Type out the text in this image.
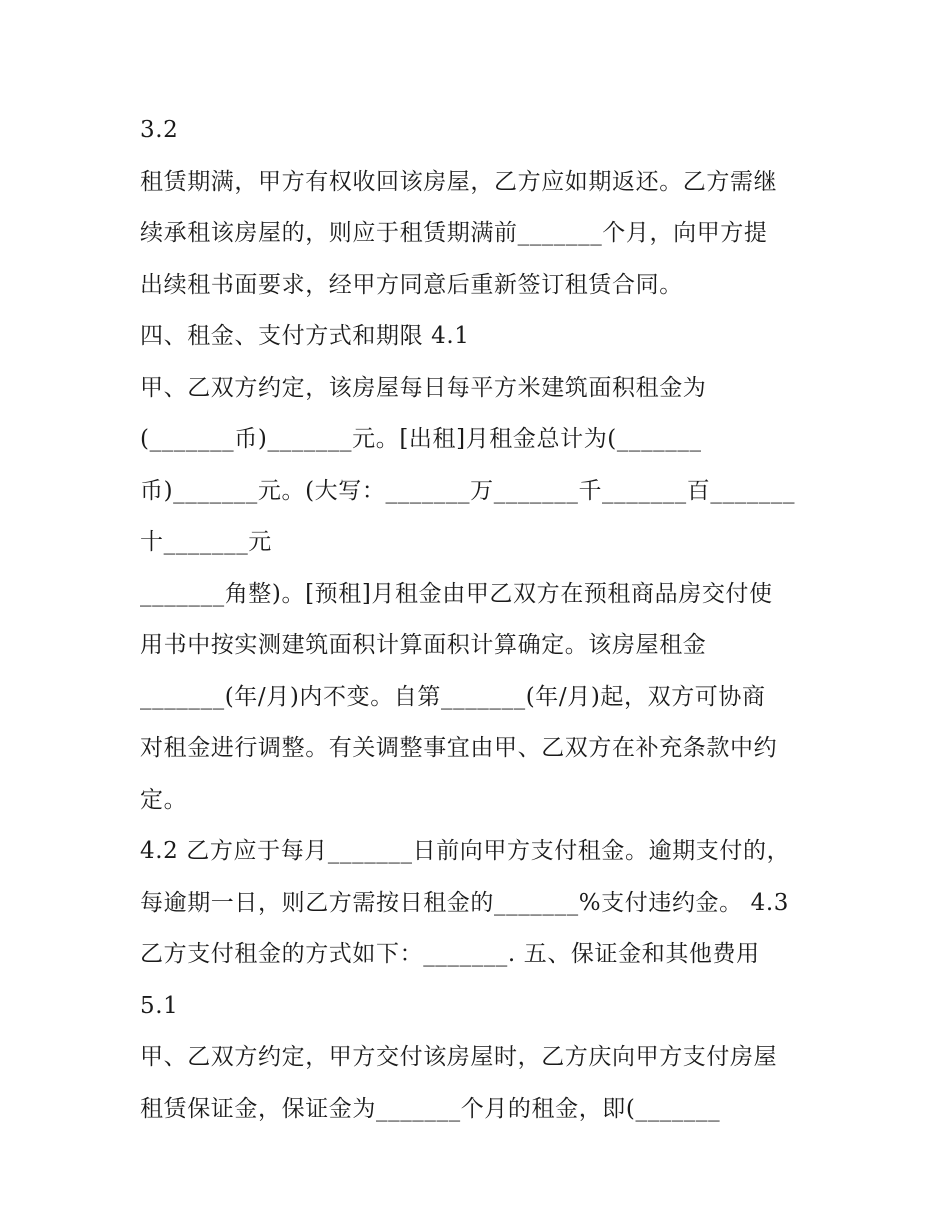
3.2
租赁期满，甲方有权收回该房屋，乙方应如期返还。乙方需继
续承租该房屋的，则应于租赁期满前_______个月，向甲方提
出续租书面要求，经甲方同意后重新签订租赁合同。
四、租金、支付方式和期限 4.1
甲、乙双方约定，该房屋每日每平方米建筑面积租金为
(_______币)_______元。[出租]月租金总计为(_______
币)_______元。(大写：_______万_______千_______百_______
十_______元
_______角整)。[预租]月租金由甲乙双方在预租商品房交付使
用书中按实测建筑面积计算面积计算确定。该房屋租金
_______(年/月)内不变。自第_______(年/月)起，双方可协商
对租金进行调整。有关调整事宜由甲、乙双方在补充条款中约
定。
4.2 乙方应于每月_______日前向甲方支付租金。逾期支付的，
每逾期一日，则乙方需按日租金的_______%支付违约金。 4.3
乙方支付租金的方式如下：_______. 五、保证金和其他费用
5.1
甲、乙双方约定，甲方交付该房屋时，乙方庆向甲方支付房屋
租赁保证金，保证金为_______个月的租金，即(_______
